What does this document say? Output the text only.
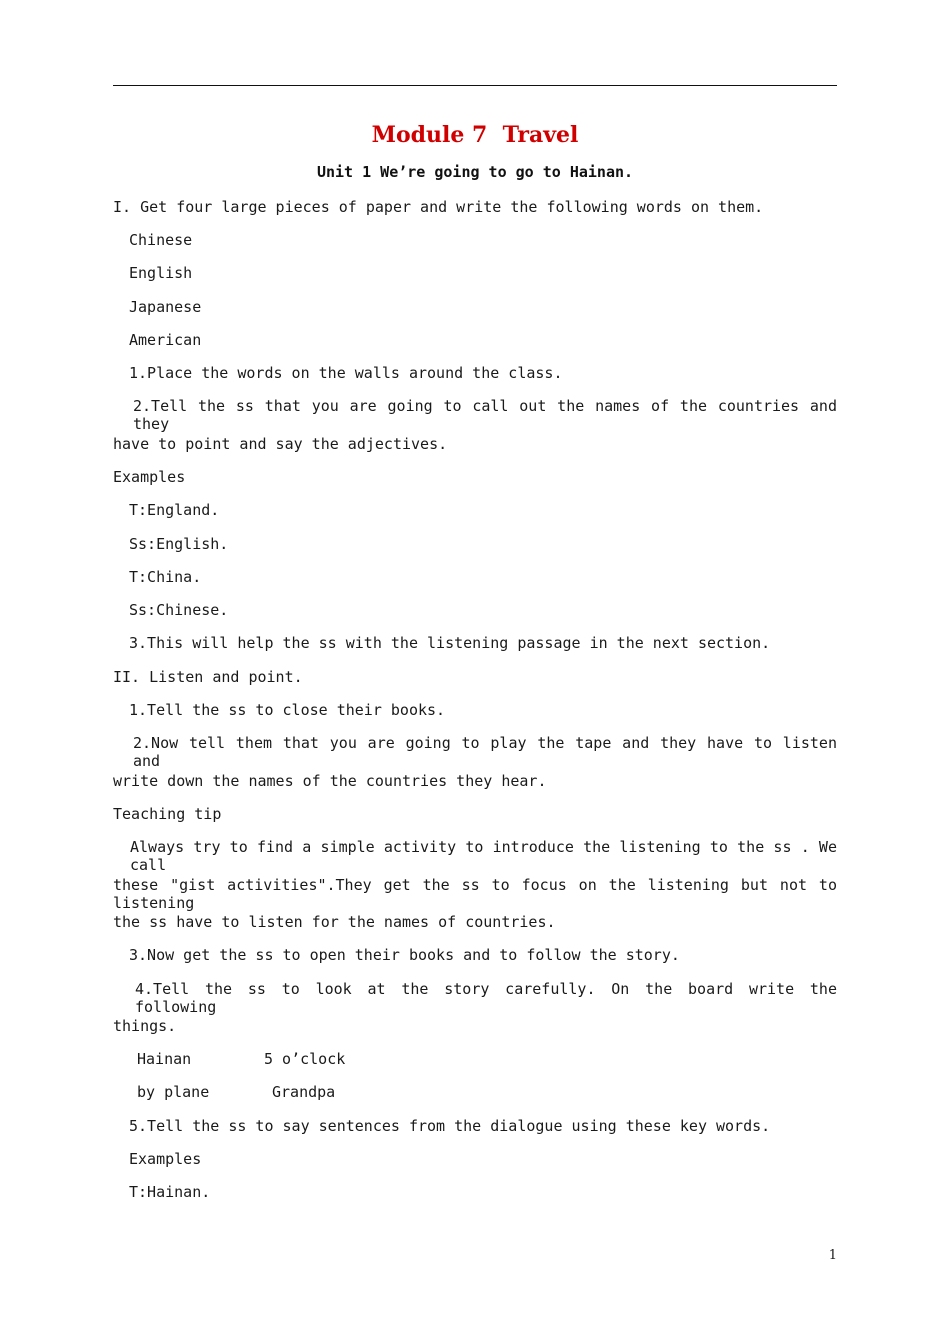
Module 7  Travel
Unit 1 We’re going to go to Hainan.
I. Get four large pieces of paper and write the following words on them.
Chinese
English
Japanese
American
1.Place the words on the walls around the class.
2.Tell the ss that you are going to call out the names of the countries and they
have to point and say the adjectives.
Examples
T:England.
Ss:English.
T:China.
Ss:Chinese.
3.This will help the ss with the listening passage in the next section.
II. Listen and point.
1.Tell the ss to close their books.
2.Now tell them that you are going to play the tape and they have to listen and
write down the names of the countries they hear.
Teaching tip
Always try to find a simple activity to introduce the listening to the ss . We call
these "gist activities".They get the ss to focus on the listening but not to listening
the ss have to listen for the names of countries.
3.Now get the ss to open their books and to follow the story.
4.Tell the ss to look at the story carefully. On the board write the following
things.
Hainan	5 o’clock
by plane	Grandpa
5.Tell the ss to say sentences from the dialogue using these key words.
Examples
T:Hainan.
1
